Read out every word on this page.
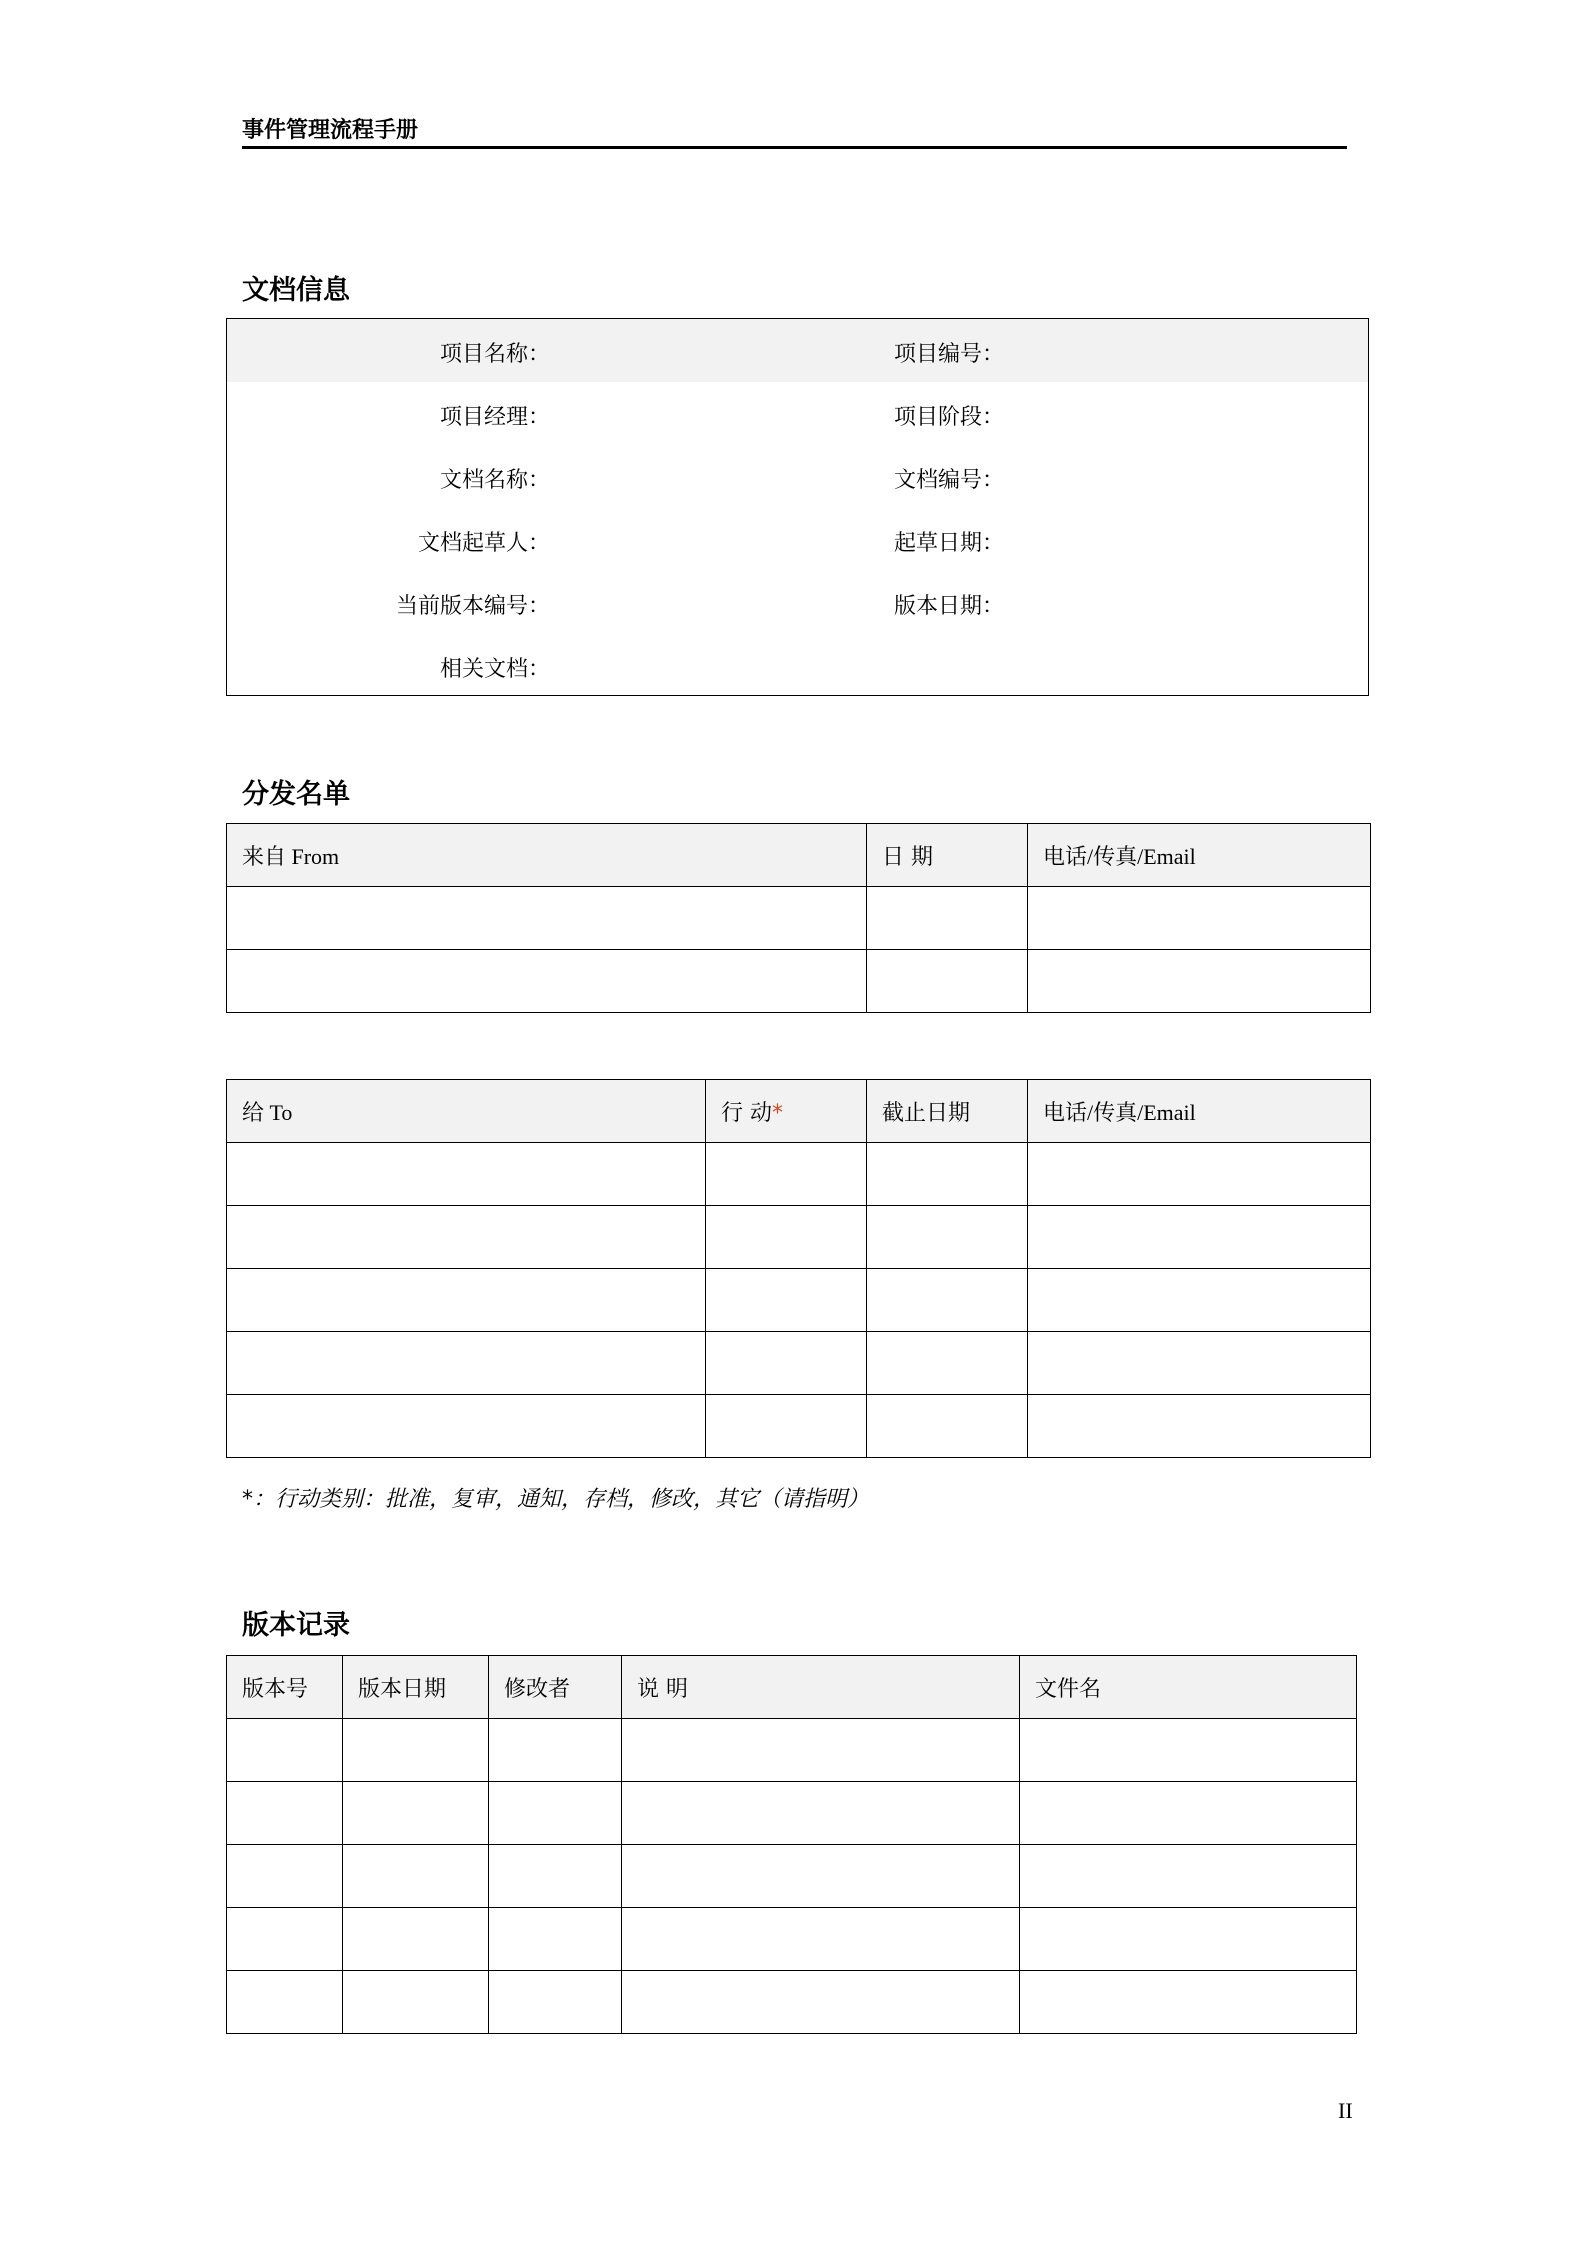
事件管理流程手册
文档信息
项目名称：	项目编号：
项目经理：	项目阶段：
文档名称：	文档编号：
文档起草人：	起草日期：
当前版本编号：	版本日期：
相关文档：
分发名单
来自 From	日 期	电话/传真/Email

给 To	行 动*	截止日期	电话/传真/Email

*：行动类别：批准，复审，通知，存档，修改，其它（请指明）
版本记录
版本号	版本日期	修改者	说 明	文件名

II
